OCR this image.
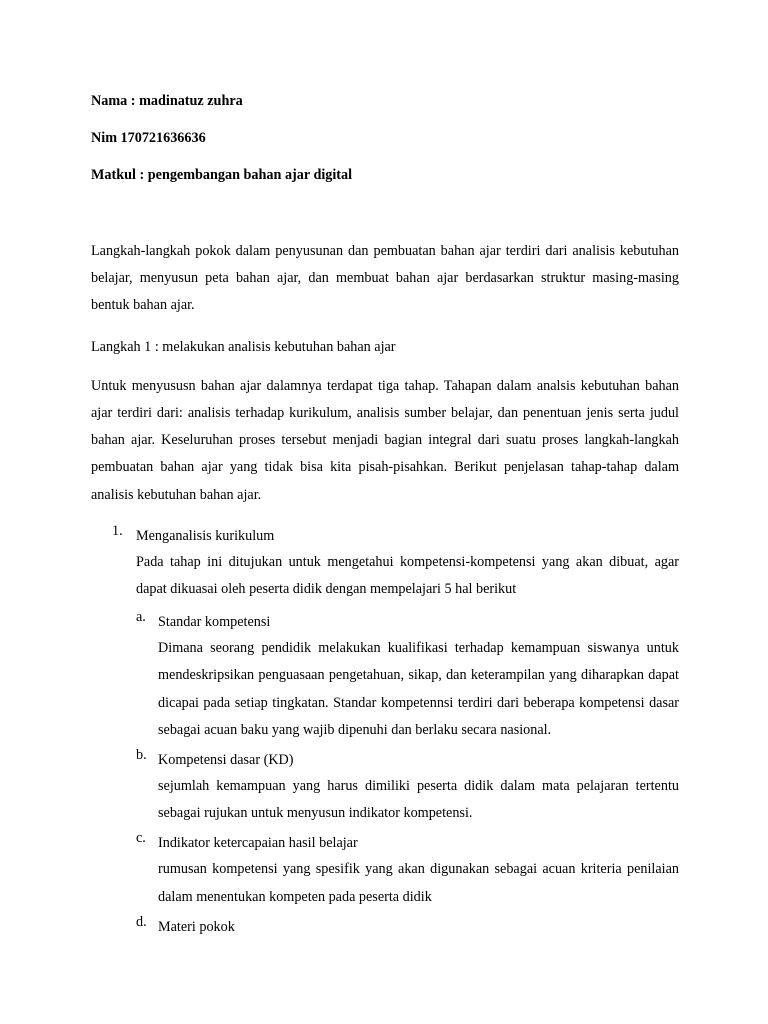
Nama : madinatuz zuhra

Nim 170721636636

Matkul : pengembangan bahan ajar digital

Langkah-langkah pokok dalam penyusunan dan pembuatan bahan ajar terdiri dari analisis kebutuhan belajar, menyusun peta bahan ajar, dan membuat bahan ajar berdasarkan struktur masing-masing bentuk bahan ajar.

Langkah 1 : melakukan analisis kebutuhan bahan ajar

Untuk menyususn bahan ajar dalamnya terdapat tiga tahap. Tahapan dalam analsis kebutuhan bahan ajar terdiri dari: analisis terhadap kurikulum, analisis sumber belajar, dan penentuan jenis serta judul bahan ajar. Keseluruhan proses tersebut menjadi bagian integral dari suatu proses langkah-langkah pembuatan bahan ajar yang tidak bisa kita pisah-pisahkan. Berikut penjelasan tahap-tahap dalam analisis kebutuhan bahan ajar.

1. Menganalisis kurikulum

Pada tahap ini ditujukan untuk mengetahui kompetensi-kompetensi yang akan dibuat, agar dapat dikuasai oleh peserta didik dengan mempelajari 5 hal berikut

a. Standar kompetensi

Dimana seorang pendidik melakukan kualifikasi terhadap kemampuan siswanya untuk mendeskripsikan penguasaan pengetahuan, sikap, dan keterampilan yang diharapkan dapat dicapai pada setiap tingkatan. Standar kompetennsi terdiri dari beberapa kompetensi dasar sebagai acuan baku yang wajib dipenuhi dan berlaku secara nasional.

b. Kompetensi dasar (KD)

sejumlah kemampuan yang harus dimiliki peserta didik dalam mata pelajaran tertentu sebagai rujukan untuk menyusun indikator kompetensi.

c. Indikator ketercapaian hasil belajar

rumusan kompetensi yang spesifik yang akan digunakan sebagai acuan kriteria penilaian dalam menentukan kompeten pada peserta didik

d. Materi pokok
